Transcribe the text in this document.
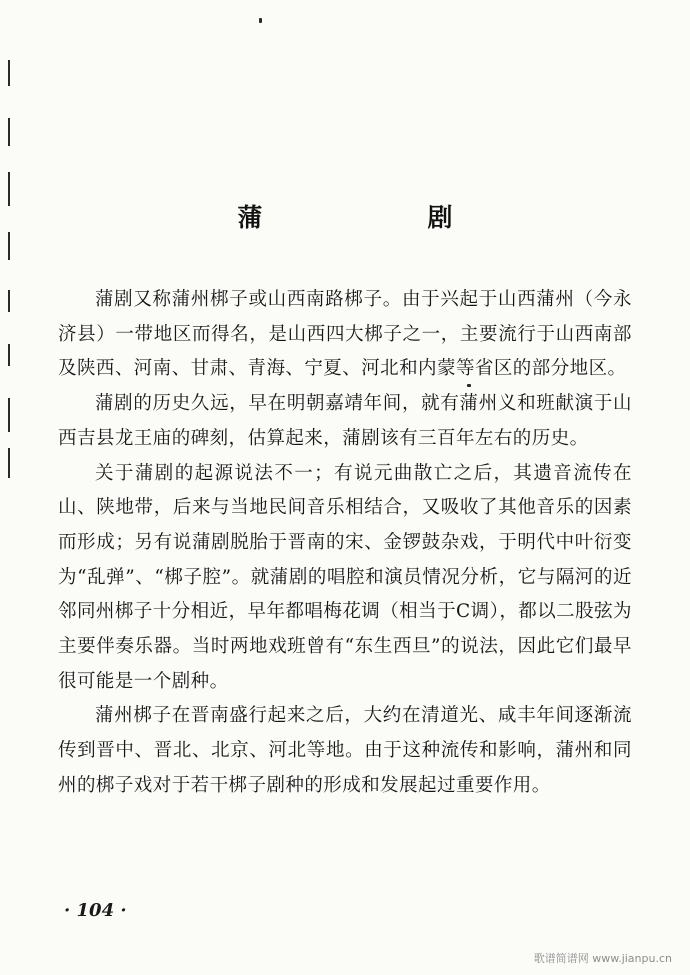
蒲　剧

蒲剧又称蒲州梆子或山西南路梆子。由于兴起于山西蒲州（今永济县）一带地区而得名，是山西四大梆子之一，主要流行于山西南部及陕西、河南、甘肃、青海、宁夏、河北和内蒙等省区的部分地区。

蒲剧的历史久远，早在明朝嘉靖年间，就有蒲州义和班献演于山西吉县龙王庙的碑刻，估算起来，蒲剧该有三百年左右的历史。

关于蒲剧的起源说法不一；有说元曲散亡之后，其遗音流传在山、陕地带，后来与当地民间音乐相结合，又吸收了其他音乐的因素而形成；另有说蒲剧脱胎于晋南的宋、金锣鼓杂戏，于明代中叶衍变为“乱弹”、“梆子腔”。就蒲剧的唱腔和演员情况分析，它与隔河的近邻同州梆子十分相近，早年都唱梅花调（相当于C调），都以二股弦为主要伴奏乐器。当时两地戏班曾有“东生西旦”的说法，因此它们最早很可能是一个剧种。

蒲州梆子在晋南盛行起来之后，大约在清道光、咸丰年间逐渐流传到晋中、晋北、北京、河北等地。由于这种流传和影响，蒲州和同州的梆子戏对于若干梆子剧种的形成和发展起过重要作用。

· 104 ·
歌谱简谱网 www.jianpu.cn
